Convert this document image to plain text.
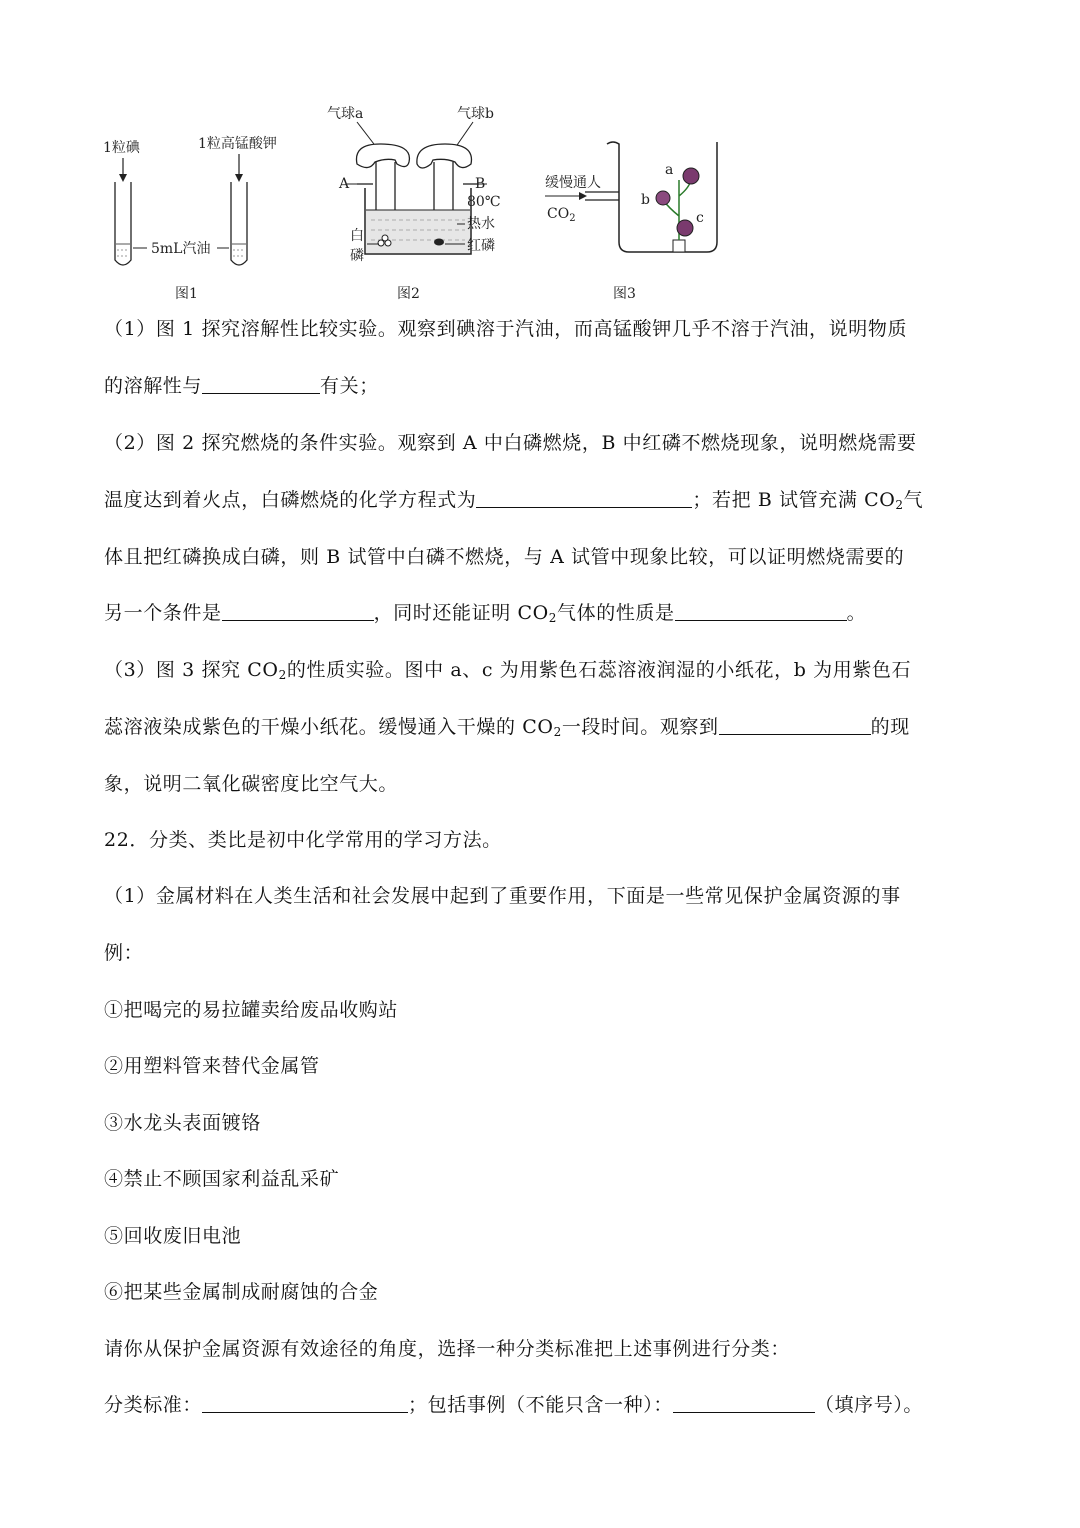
1粒碘	1粒高锰酸钾
5mL汽油
图1
气球a	气球b
A	B
80℃
热水
白
磷
红磷
图2
缓慢通人
$CO_2$
a
b
c
图3
（1）图 1 探究溶解性比较实验。观察到碘溶于汽油，而高锰酸钾几乎不溶于汽油，说明物质
的溶解性与	有关；
（2）图 2 探究燃烧的条件实验。观察到 A 中白磷燃烧，B 中红磷不燃烧现象，说明燃烧需要
温度达到着火点，白磷燃烧的化学方程式为	；若把 B 试管充满 $CO_2$气
体且把红磷换成白磷，则 B 试管中白磷不燃烧，与 A 试管中现象比较，可以证明燃烧需要的
另一个条件是	，同时还能证明 $CO_2$气体的性质是	。
（3）图 3 探究 $CO_2$的性质实验。图中 a、c 为用紫色石蕊溶液润湿的小纸花，b 为用紫色石
蕊溶液染成紫色的干燥小纸花。缓慢通入干燥的 $CO_2$一段时间。观察到	的现
象，说明二氧化碳密度比空气大。
22．分类、类比是初中化学常用的学习方法。
（1）金属材料在人类生活和社会发展中起到了重要作用，下面是一些常见保护金属资源的事
例：
①把喝完的易拉罐卖给废品收购站
②用塑料管来替代金属管
③水龙头表面镀铬
④禁止不顾国家利益乱采矿
⑤回收废旧电池
⑥把某些金属制成耐腐蚀的合金
请你从保护金属资源有效途径的角度，选择一种分类标准把上述事例进行分类：
分类标准：	；包括事例（不能只含一种）：	（填序号）。
